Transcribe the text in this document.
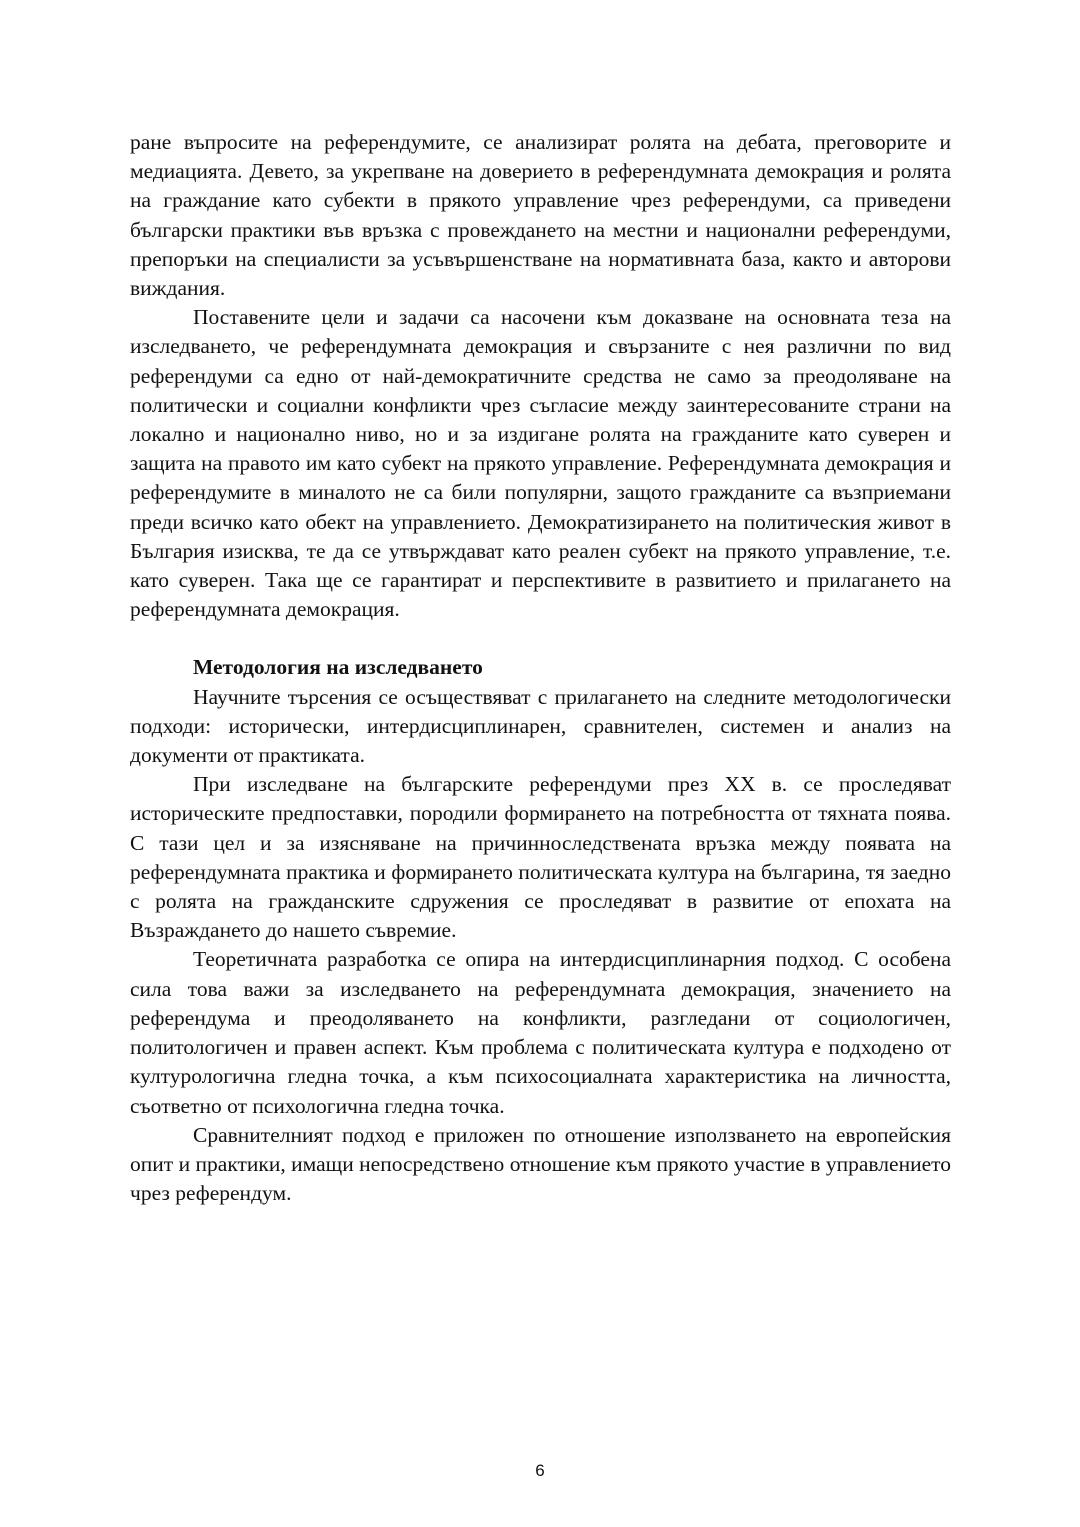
ране въпросите на референдумите, се анализират ролята на дебата, преговорите и медиацията. Девето, за укрепване на доверието в референдумната демокрация и ролята на граждание като субекти в прякото управление чрез референдуми, са приведени български практики във връзка с провеждането на местни и национални референдуми, препоръки на специалисти за усъвършенстване на нормативната база, както и авторови виждания.

Поставените цели и задачи са насочени към доказване на основната теза на изследването, че референдумната демокрация и свързаните с нея различни по вид референдуми са едно от най-демократичните средства не само за преодоляване на политически и социални конфликти чрез съгласие между заинтересованите страни на локално и национално ниво, но и за издигане ролята на гражданите като суверен и защита на правото им като субект на прякото управление. Референдумната демокрация и референдумите в миналото не са били популярни, защото гражданите са възприемани преди всичко като обект на управлението. Демократизирането на политическия живот в България изисква, те да се утвърждават като реален субект на прякото управление, т.е. като суверен. Така ще се гарантират и перспективите в развитието и прилагането на референдумната демокрация.

Методология на изследването

Научните търсения се осъществяват с прилагането на следните методологически подходи: исторически, интердисциплинарен, сравнителен, системен и анализ на документи от практиката.

При изследване на българските референдуми през ХХ в. се проследяват историческите предпоставки, породили формирането на потребността от тяхната поява. С тази цел и за изясняване на причинноследствената връзка между появата на референдумната практика и формирането политическата култура на българина, тя заедно с ролята на гражданските сдружения се проследяват в развитие от епохата на Възраждането до нашето съвремие.

Теоретичната разработка се опира на интердисциплинарния подход. С особена сила това важи за изследването на референдумната демокрация, значението на референдума и преодоляването на конфликти, разгледани от социологичен, политологичен и правен аспект. Към проблема с политическата култура е подходено от културологична гледна точка, а към психосоциалната характеристика на личността, съответно от психологична гледна точка.

Сравнителният подход е приложен по отношение използването на европейския опит и практики, имащи непосредствено отношение към прякото участие в управлението чрез референдум.

6
